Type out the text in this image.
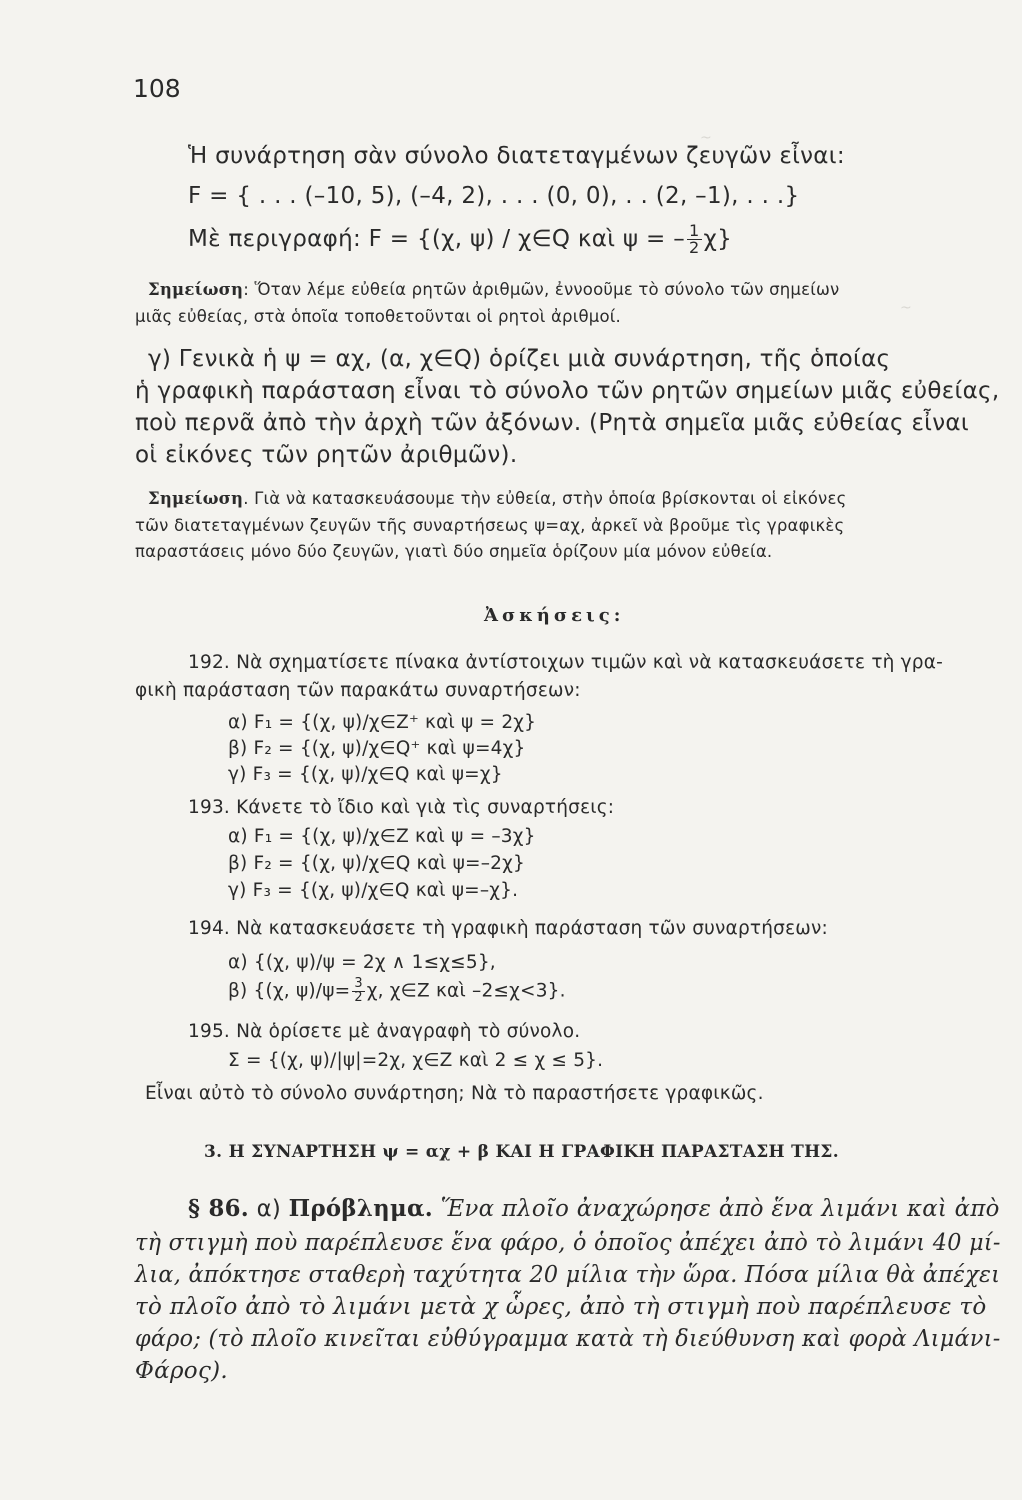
~
~
108
Ἡ συνάρτηση σὰν σύνολο διατεταγμένων ζευγῶν εἶναι:
F = { . . . (–10, 5), (–4, 2), . . . (0, 0), . . (2, –1), . . .}
Μὲ περιγραφή: F = {(χ, ψ) / χ∈Q καὶ ψ = – $\frac{1}{2} \chi$}
Σημείωση: Ὅταν λέμε εὐθεία ρητῶν ἀριθμῶν, ἐννοοῦμε τὸ σύνολο τῶν σημείων
μιᾶς εὐθείας, στὰ ὁποῖα τοποθετοῦνται οἱ ρητοὶ ἀριθμοί.
γ) Γενικὰ ἡ ψ = αχ, (α, χ∈Q) ὁρίζει μιὰ συνάρτηση, τῆς ὁποίας
ἡ γραφικὴ παράσταση εἶναι τὸ σύνολο τῶν ρητῶν σημείων μιᾶς εὐθείας,
ποὺ περνᾶ ἀπὸ τὴν ἀρχὴ τῶν ἀξόνων. (Ρητὰ σημεῖα μιᾶς εὐθείας εἶναι
οἱ εἰκόνες τῶν ρητῶν ἀριθμῶν).
Σημείωση. Γιὰ νὰ κατασκευάσουμε τὴν εὐθεία, στὴν ὁποία βρίσκονται οἱ εἰκόνες
τῶν διατεταγμένων ζευγῶν τῆς συναρτήσεως ψ=αχ, ἀρκεῖ νὰ βροῦμε τὶς γραφικὲς
παραστάσεις μόνο δύο ζευγῶν, γιατὶ δύο σημεῖα ὁρίζουν μία μόνον εὐθεία.
Ἀσκήσεις:
192. Νὰ σχηματίσετε πίνακα ἀντίστοιχων τιμῶν καὶ νὰ κατασκευάσετε τὴ γρα-
φικὴ παράσταση τῶν παρακάτω συναρτήσεων:
α) F₁ = {(χ, ψ)/χ∈Z⁺ καὶ ψ = 2χ}
β) F₂ = {(χ, ψ)/χ∈Q⁺ καὶ ψ=4χ}
γ) F₃ = {(χ, ψ)/χ∈Q καὶ ψ=χ}
193. Κάνετε τὸ ἴδιο καὶ γιὰ τὶς συναρτήσεις:
α) F₁ = {(χ, ψ)/χ∈Z καὶ ψ = –3χ}
β) F₂ = {(χ, ψ)/χ∈Q καὶ ψ=–2χ}
γ) F₃ = {(χ, ψ)/χ∈Q καὶ ψ=–χ}.
194. Νὰ κατασκευάσετε τὴ γραφικὴ παράσταση τῶν συναρτήσεων:
α) {(χ, ψ)/ψ = 2χ ∧ 1≤χ≤5},
β) {(χ, $\psi)/\psi= \frac{3}{2} \chi$, χ∈Z καὶ –2≤χ<3}.
195. Νὰ ὁρίσετε μὲ ἀναγραφὴ τὸ σύνολο.
Σ = {(χ, ψ)/|ψ|=2χ, χ∈Z καὶ 2 ≤ χ ≤ 5}.
Εἶναι αὐτὸ τὸ σύνολο συνάρτηση; Νὰ τὸ παραστήσετε γραφικῶς.
3. Η ΣΥΝΑΡΤΗΣΗ ψ = αχ + β ΚΑΙ Η ΓΡΑΦΙΚΗ ΠΑΡΑΣΤΑΣΗ ΤΗΣ.
§ 86. α) Πρόβλημα. Ἕνα πλοῖο ἀναχώρησε ἀπὸ ἕνα λιμάνι καὶ ἀπὸ
τὴ στιγμὴ ποὺ παρέπλευσε ἕνα φάρο, ὁ ὁποῖος ἀπέχει ἀπὸ τὸ λιμάνι 40 μί-
λια, ἀπόκτησε σταθερὴ ταχύτητα 20 μίλια τὴν ὥρα. Πόσα μίλια θὰ ἀπέχει
τὸ πλοῖο ἀπὸ τὸ λιμάνι μετὰ χ ὧρες, ἀπὸ τὴ στιγμὴ ποὺ παρέπλευσε τὸ
φάρο; (τὸ πλοῖο κινεῖται εὐθύγραμμα κατὰ τὴ διεύθυνση καὶ φορὰ Λιμάνι-
Φάρος).
